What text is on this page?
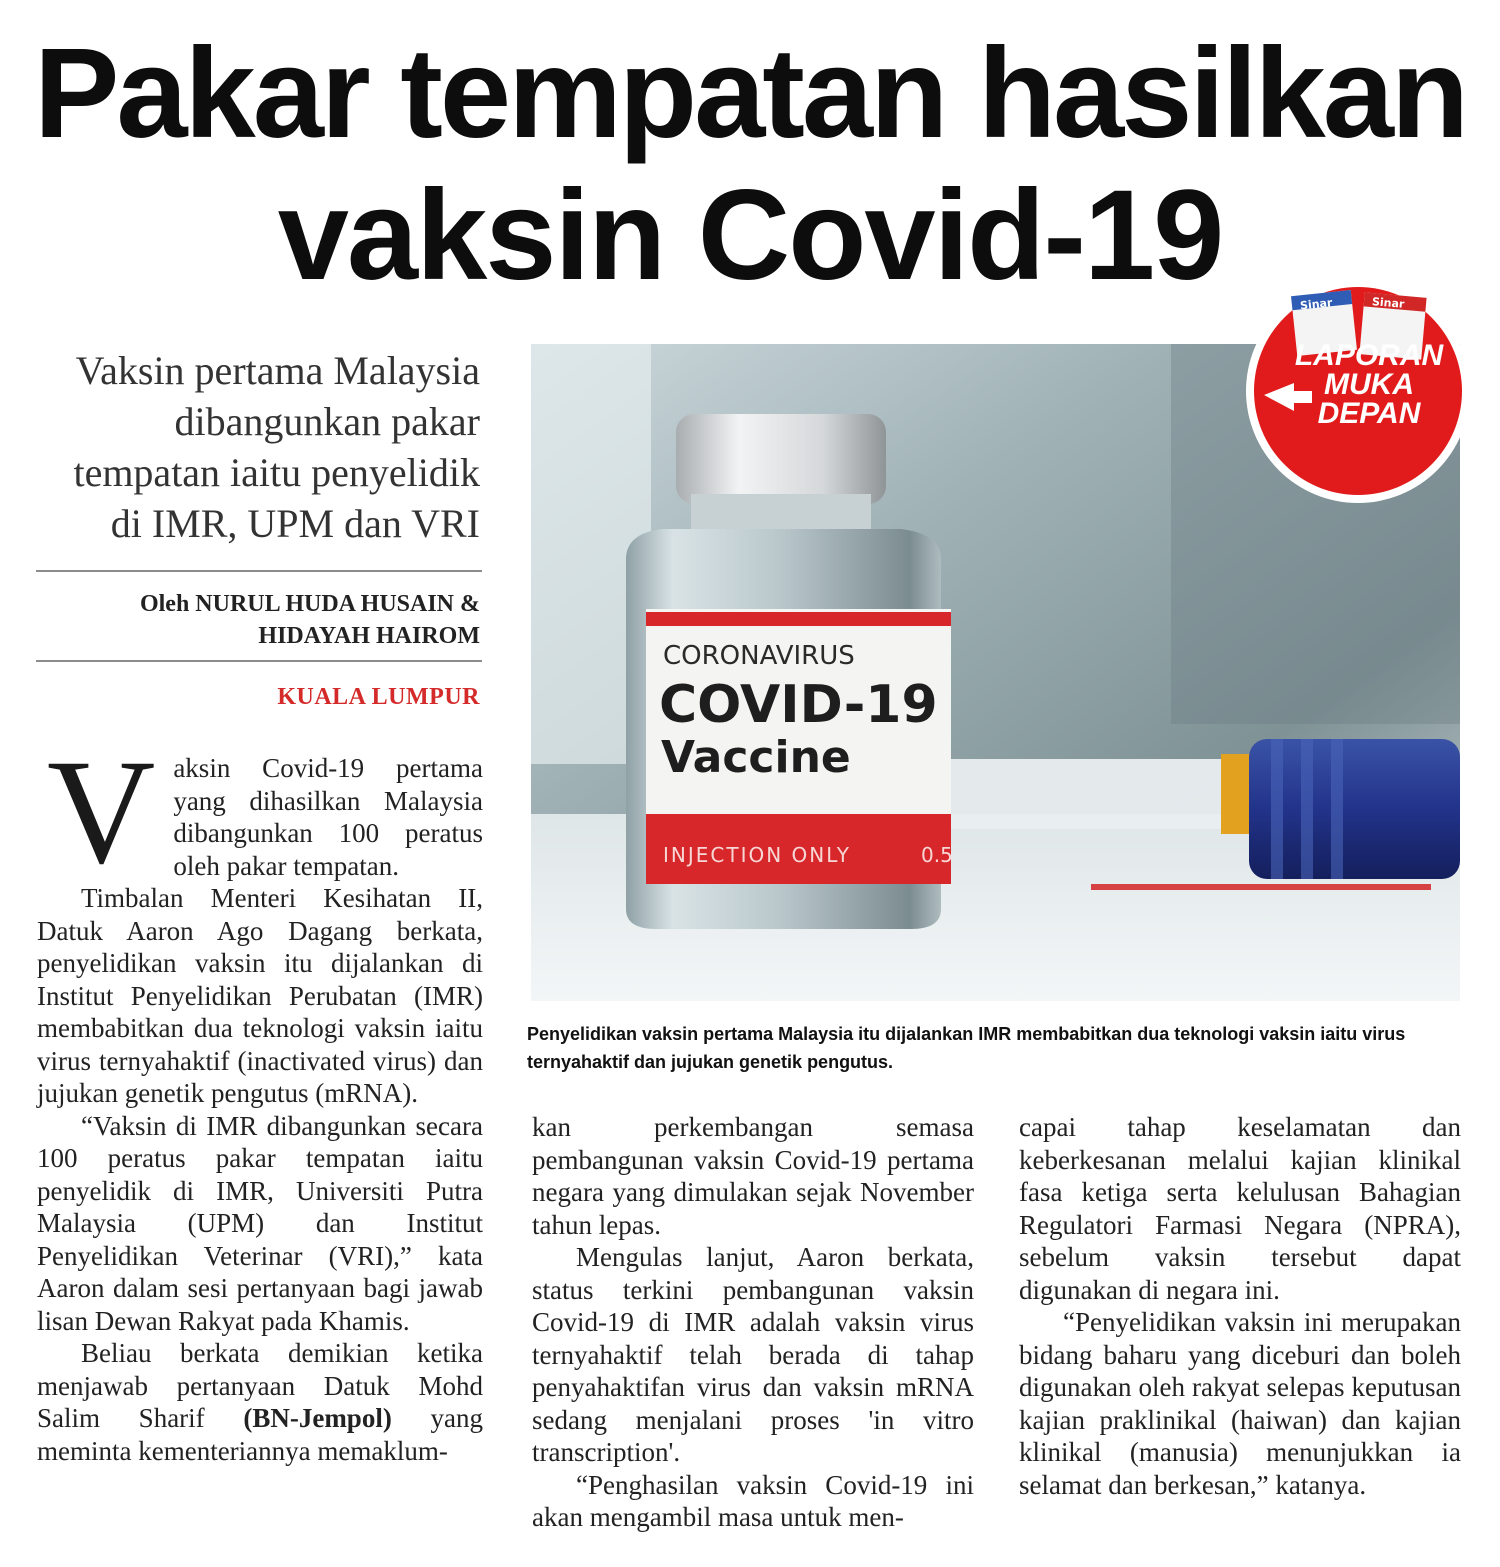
Pakar tempatan hasilkan
vaksin Covid-19
Vaksin pertama Malaysia dibangunkan pakar tempatan iaitu penyelidik di IMR, UPM dan VRI
Oleh NURUL HUDA HUSAIN &
HIDAYAH HAIROM
KUALA LUMPUR
CORONAVIRUS
COVID-19
Vaccine
INJECTION ONLY	0.5
Sinar	Sinar
LAPORAN
MUKA
DEPAN
Penyelidikan vaksin pertama Malaysia itu dijalankan IMR membabitkan dua teknologi vaksin iaitu virus ternyahaktif dan jujukan genetik pengutus.

Vaksin Covid-19 pertama yang dihasilkan Malaysia dibangunkan 100 peratus oleh pakar tempatan.

Timbalan Menteri Kesihatan II, Datuk Aaron Ago Dagang berkata, penyelidikan vaksin itu dijalankan di Institut Penyelidikan Perubatan (IMR) membabitkan dua teknologi vaksin iaitu virus ternyahaktif (inactivated virus) dan jujukan genetik pengutus (mRNA).

“Vaksin di IMR dibangunkan secara 100 peratus pakar tempatan iaitu penyelidik di IMR, Universiti Putra Malaysia (UPM) dan Institut Penyelidikan Veterinar (VRI),” kata Aaron dalam sesi pertanyaan bagi jawab lisan Dewan Rakyat pada Khamis.

Beliau berkata demikian ketika menjawab pertanyaan Datuk Mohd Salim Sharif (BN-Jempol) yang meminta kementeriannya memaklum-

kan perkembangan semasa pembangunan vaksin Covid-19 pertama negara yang dimulakan sejak November tahun lepas.

Mengulas lanjut, Aaron berkata, status terkini pembangunan vaksin Covid-19 di IMR adalah vaksin virus ternyahaktif telah berada di tahap penyahaktifan virus dan vaksin mRNA sedang menjalani proses 'in vitro transcription'.

“Penghasilan vaksin Covid-19 ini akan mengambil masa untuk men-

capai tahap keselamatan dan keberkesanan melalui kajian klinikal fasa ketiga serta kelulusan Bahagian Regulatori Farmasi Negara (NPRA), sebelum vaksin tersebut dapat digunakan di negara ini.

“Penyelidikan vaksin ini merupakan bidang baharu yang diceburi dan boleh digunakan oleh rakyat selepas keputusan kajian praklinikal (haiwan) dan kajian klinikal (manusia) menunjukkan ia selamat dan berkesan,” katanya.
